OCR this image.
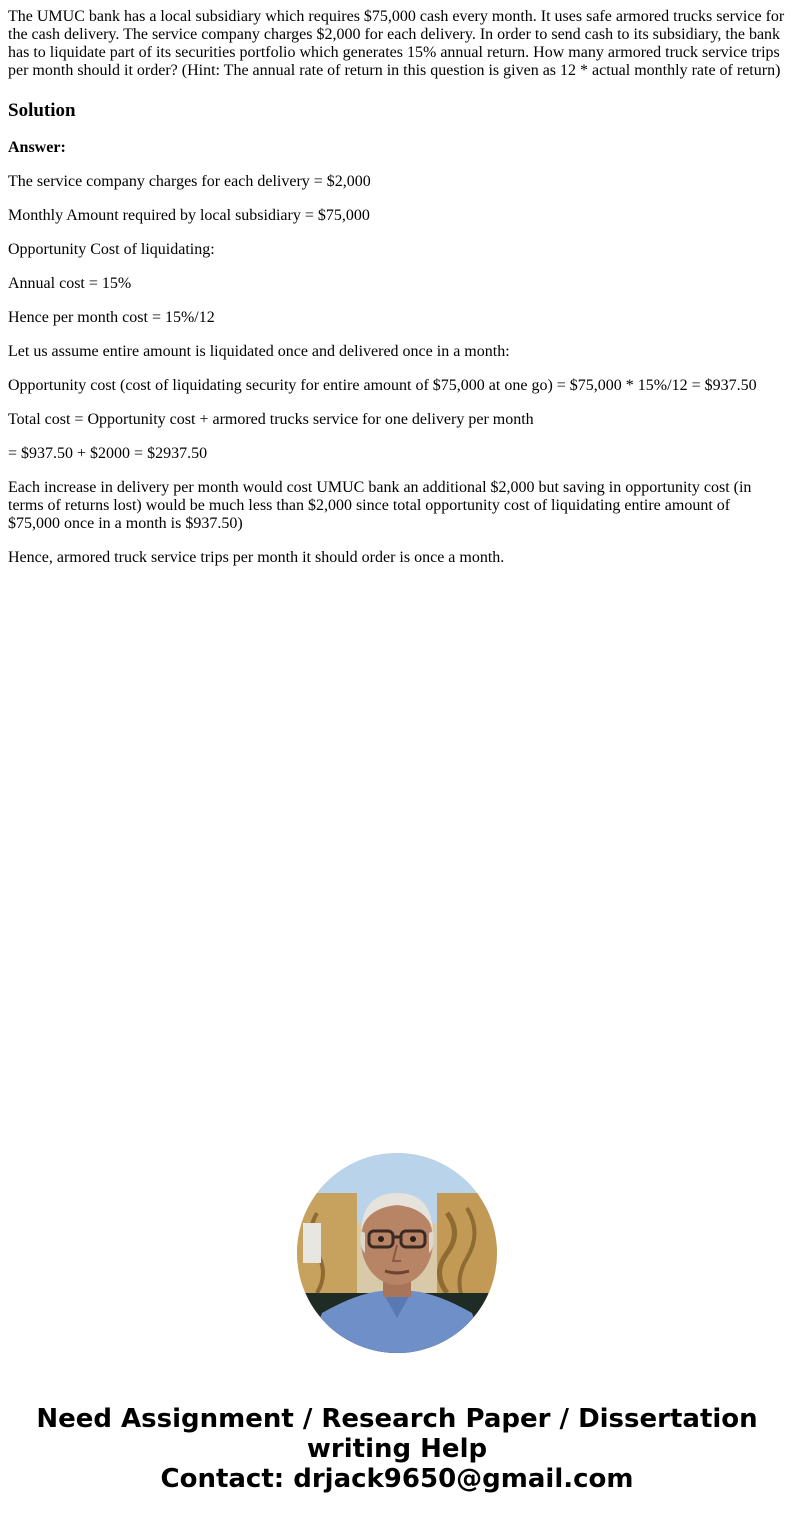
The UMUC bank has a local subsidiary which requires $75,000 cash every month. It uses safe armored trucks service for the cash delivery. The service company charges $2,000 for each delivery. In order to send cash to its subsidiary, the bank has to liquidate part of its securities portfolio which generates 15% annual return. How many armored truck service trips per month should it order? (Hint: The annual rate of return in this question is given as 12 * actual monthly rate of return)

Solution

Answer:

The service company charges for each delivery = $2,000

Monthly Amount required by local subsidiary = $75,000

Opportunity Cost of liquidating:

Annual cost = 15%

Hence per month cost = 15%/12

Let us assume entire amount is liquidated once and delivered once in a month:

Opportunity cost (cost of liquidating security for entire amount of $75,000 at one go) = $75,000 * 15%/12 = $937.50

Total cost = Opportunity cost + armored trucks service for one delivery per month

= $937.50 + $2000 = $2937.50

Each increase in delivery per month would cost UMUC bank an additional $2,000 but saving in opportunity cost (in terms of returns lost) would be much less than $2,000 since total opportunity cost of liquidating entire amount of $75,000 once in a month is $937.50)

Hence, armored truck service trips per month it should order is once a month.

Need Assignment / Research Paper / Dissertation
writing Help
Contact: drjack9650@gmail.com
